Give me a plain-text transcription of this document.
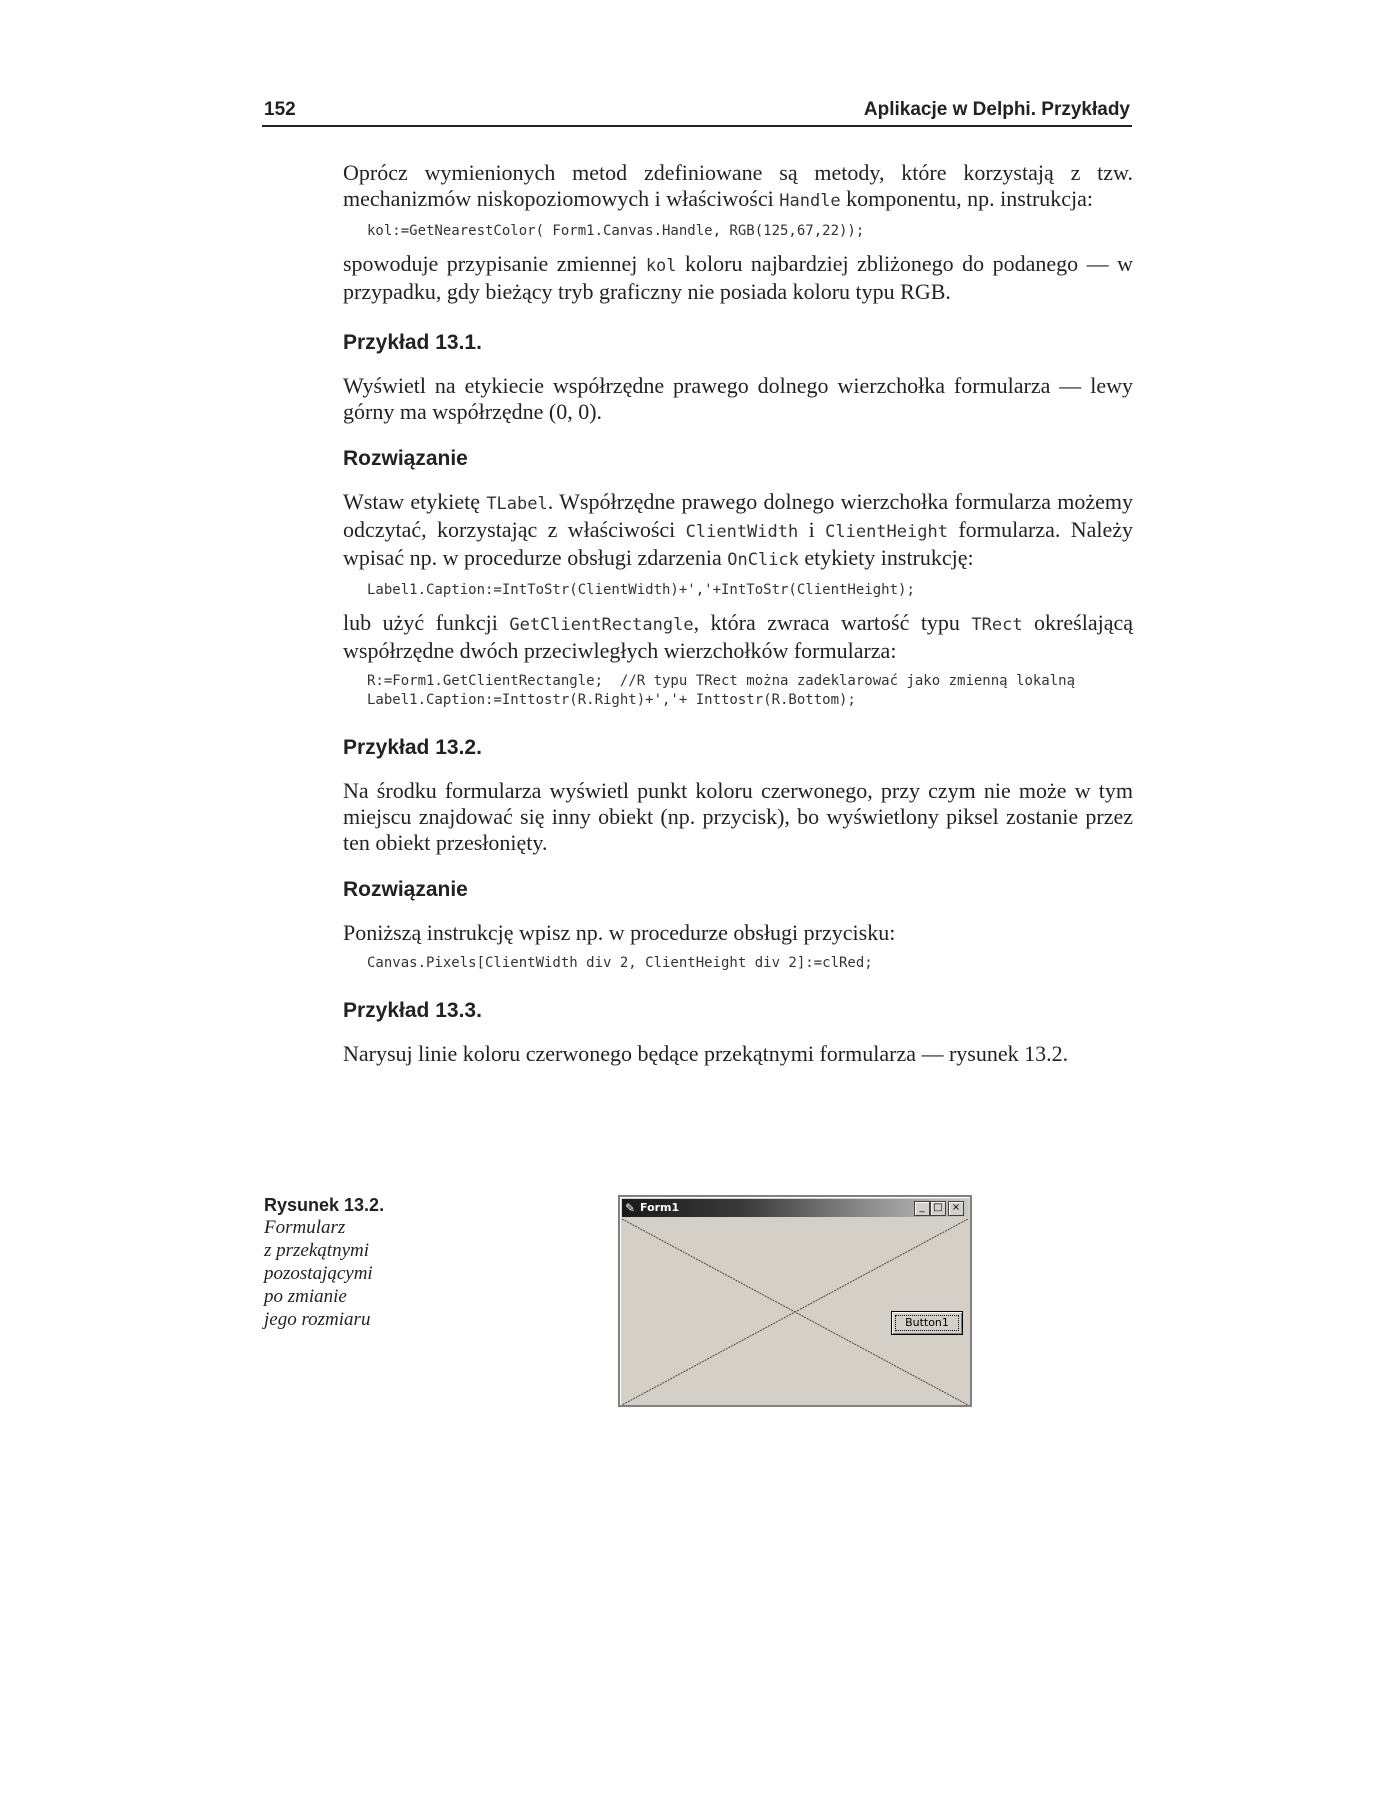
152	Aplikacje w Delphi. Przykłady

Oprócz wymienionych metod zdefiniowane są metody, które korzystają z tzw. mechanizmów niskopoziomowych i właściwości Handle komponentu, np. instrukcja:

kol:=GetNearestColor( Form1.Canvas.Handle, RGB(125,67,22));

spowoduje przypisanie zmiennej kol koloru najbardziej zbliżonego do podanego — w przypadku, gdy bieżący tryb graficzny nie posiada koloru typu RGB.

Przykład 13.1.

Wyświetl na etykiecie współrzędne prawego dolnego wierzchołka formularza — lewy górny ma współrzędne (0, 0).

Rozwiązanie

Wstaw etykietę TLabel. Współrzędne prawego dolnego wierzchołka formularza możemy odczytać, korzystając z właściwości ClientWidth i ClientHeight formularza. Należy wpisać np. w procedurze obsługi zdarzenia OnClick etykiety instrukcję:

Label1.Caption:=IntToStr(ClientWidth)+','+IntToStr(ClientHeight);

lub użyć funkcji GetClientRectangle, która zwraca wartość typu TRect określającą współrzędne dwóch przeciwległych wierzchołków formularza:

R:=Form1.GetClientRectangle;  //R typu TRect można zadeklarować jako zmienną lokalną
Label1.Caption:=Inttostr(R.Right)+','+ Inttostr(R.Bottom);
Przykład 13.2.

Na środku formularza wyświetl punkt koloru czerwonego, przy czym nie może w tym miejscu znajdować się inny obiekt (np. przycisk), bo wyświetlony piksel zostanie przez ten obiekt przesłonięty.

Rozwiązanie

Poniższą instrukcję wpisz np. w procedurze obsługi przycisku:

Canvas.Pixels[ClientWidth div 2, ClientHeight div 2]:=clRed;
Przykład 13.3.

Narysuj linie koloru czerwonego będące przekątnymi formularza — rysunek 13.2.

Rysunek 13.2.
Formularz
z przekątnymi
pozostającymi
po zmianie
jego rozmiaru
✎ Form1	_ □ ×
Button1
